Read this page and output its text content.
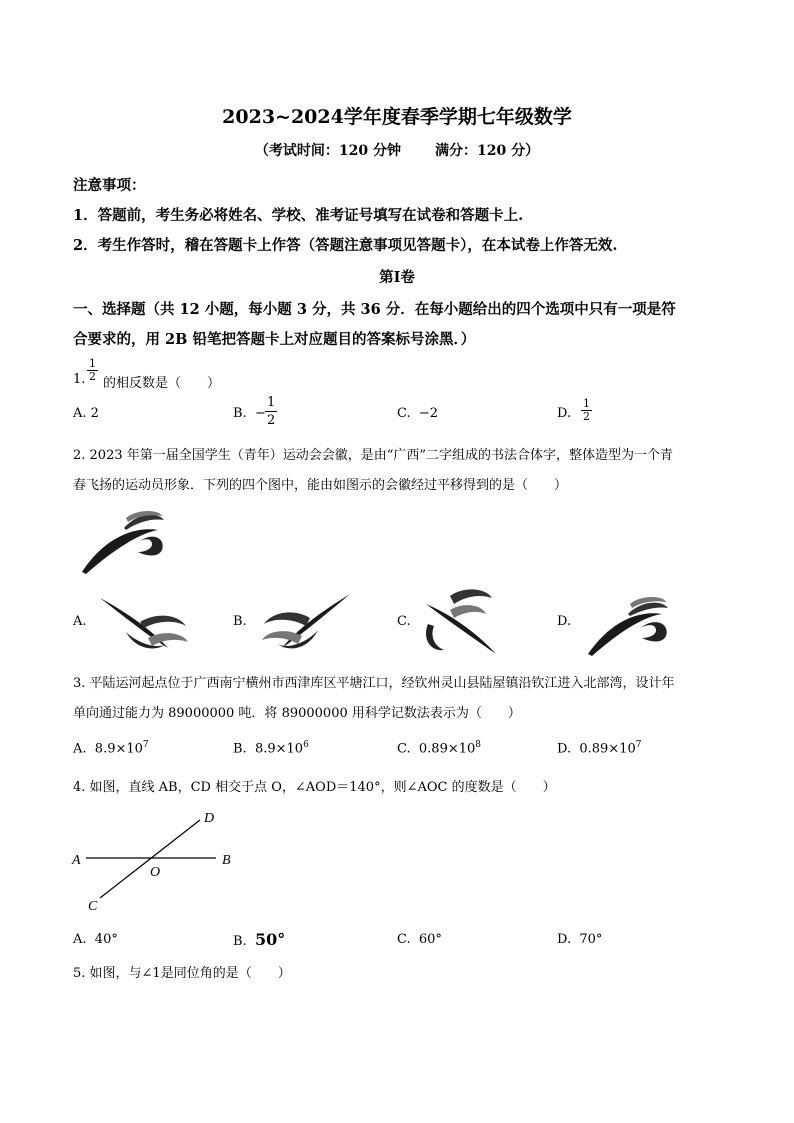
2023~2024学年度春季学期七年级数学
（考试时间：120 分钟 满分：120 分）
注意事项：
1．答题前，考生务必将姓名、学校、准考证号填写在试卷和答题卡上.
2．考生作答时，稽在答题卡上作答（答题注意事项见答题卡），在本试卷上作答无效.
第Ⅰ卷
一、选择题（共 12 小题，每小题 3 分，共 36 分．在每小题给出的四个选项中只有一项是符
合要求的，用 2B 铅笔把答题卡上对应题目的答案标号涂黑．）
1. $\frac{1}{2}$
的相反数是（　　）
A. 2	B. − $\frac{1}{2}$	C. −2	D. $\frac{1}{2}$
2. 2023 年第一届全国学生（青年）运动会会徽，是由“广西”二字组成的书法合体字，整体造型为一个青
春飞扬的运动员形象．下列的四个图中，能由如图示的会徽经过平移得到的是（　　）
A.	B.	C.	D.
3. 平陆运河起点位于广西南宁横州市西津库区平塘江口，经钦州灵山县陆屋镇沿钦江进入北部湾，设计年
单向通过能力为 89000000 吨．将 89000000 用科学记数法表示为（　　）
A. $8.9\times 10^7$	B. $8.9\times 10^6$	C. $0.89\times 10^8$	D. $0.89\times 10^7$
4. 如图，直线 AB，CD 相交于点 O，∠AOD＝140°，则∠AOC 的度数是（　　）
D
A	B
O
C
A. 40°	B. 50°	C. 60°	D. 70°
5. 如图，与∠1是同位角的是（　　）
